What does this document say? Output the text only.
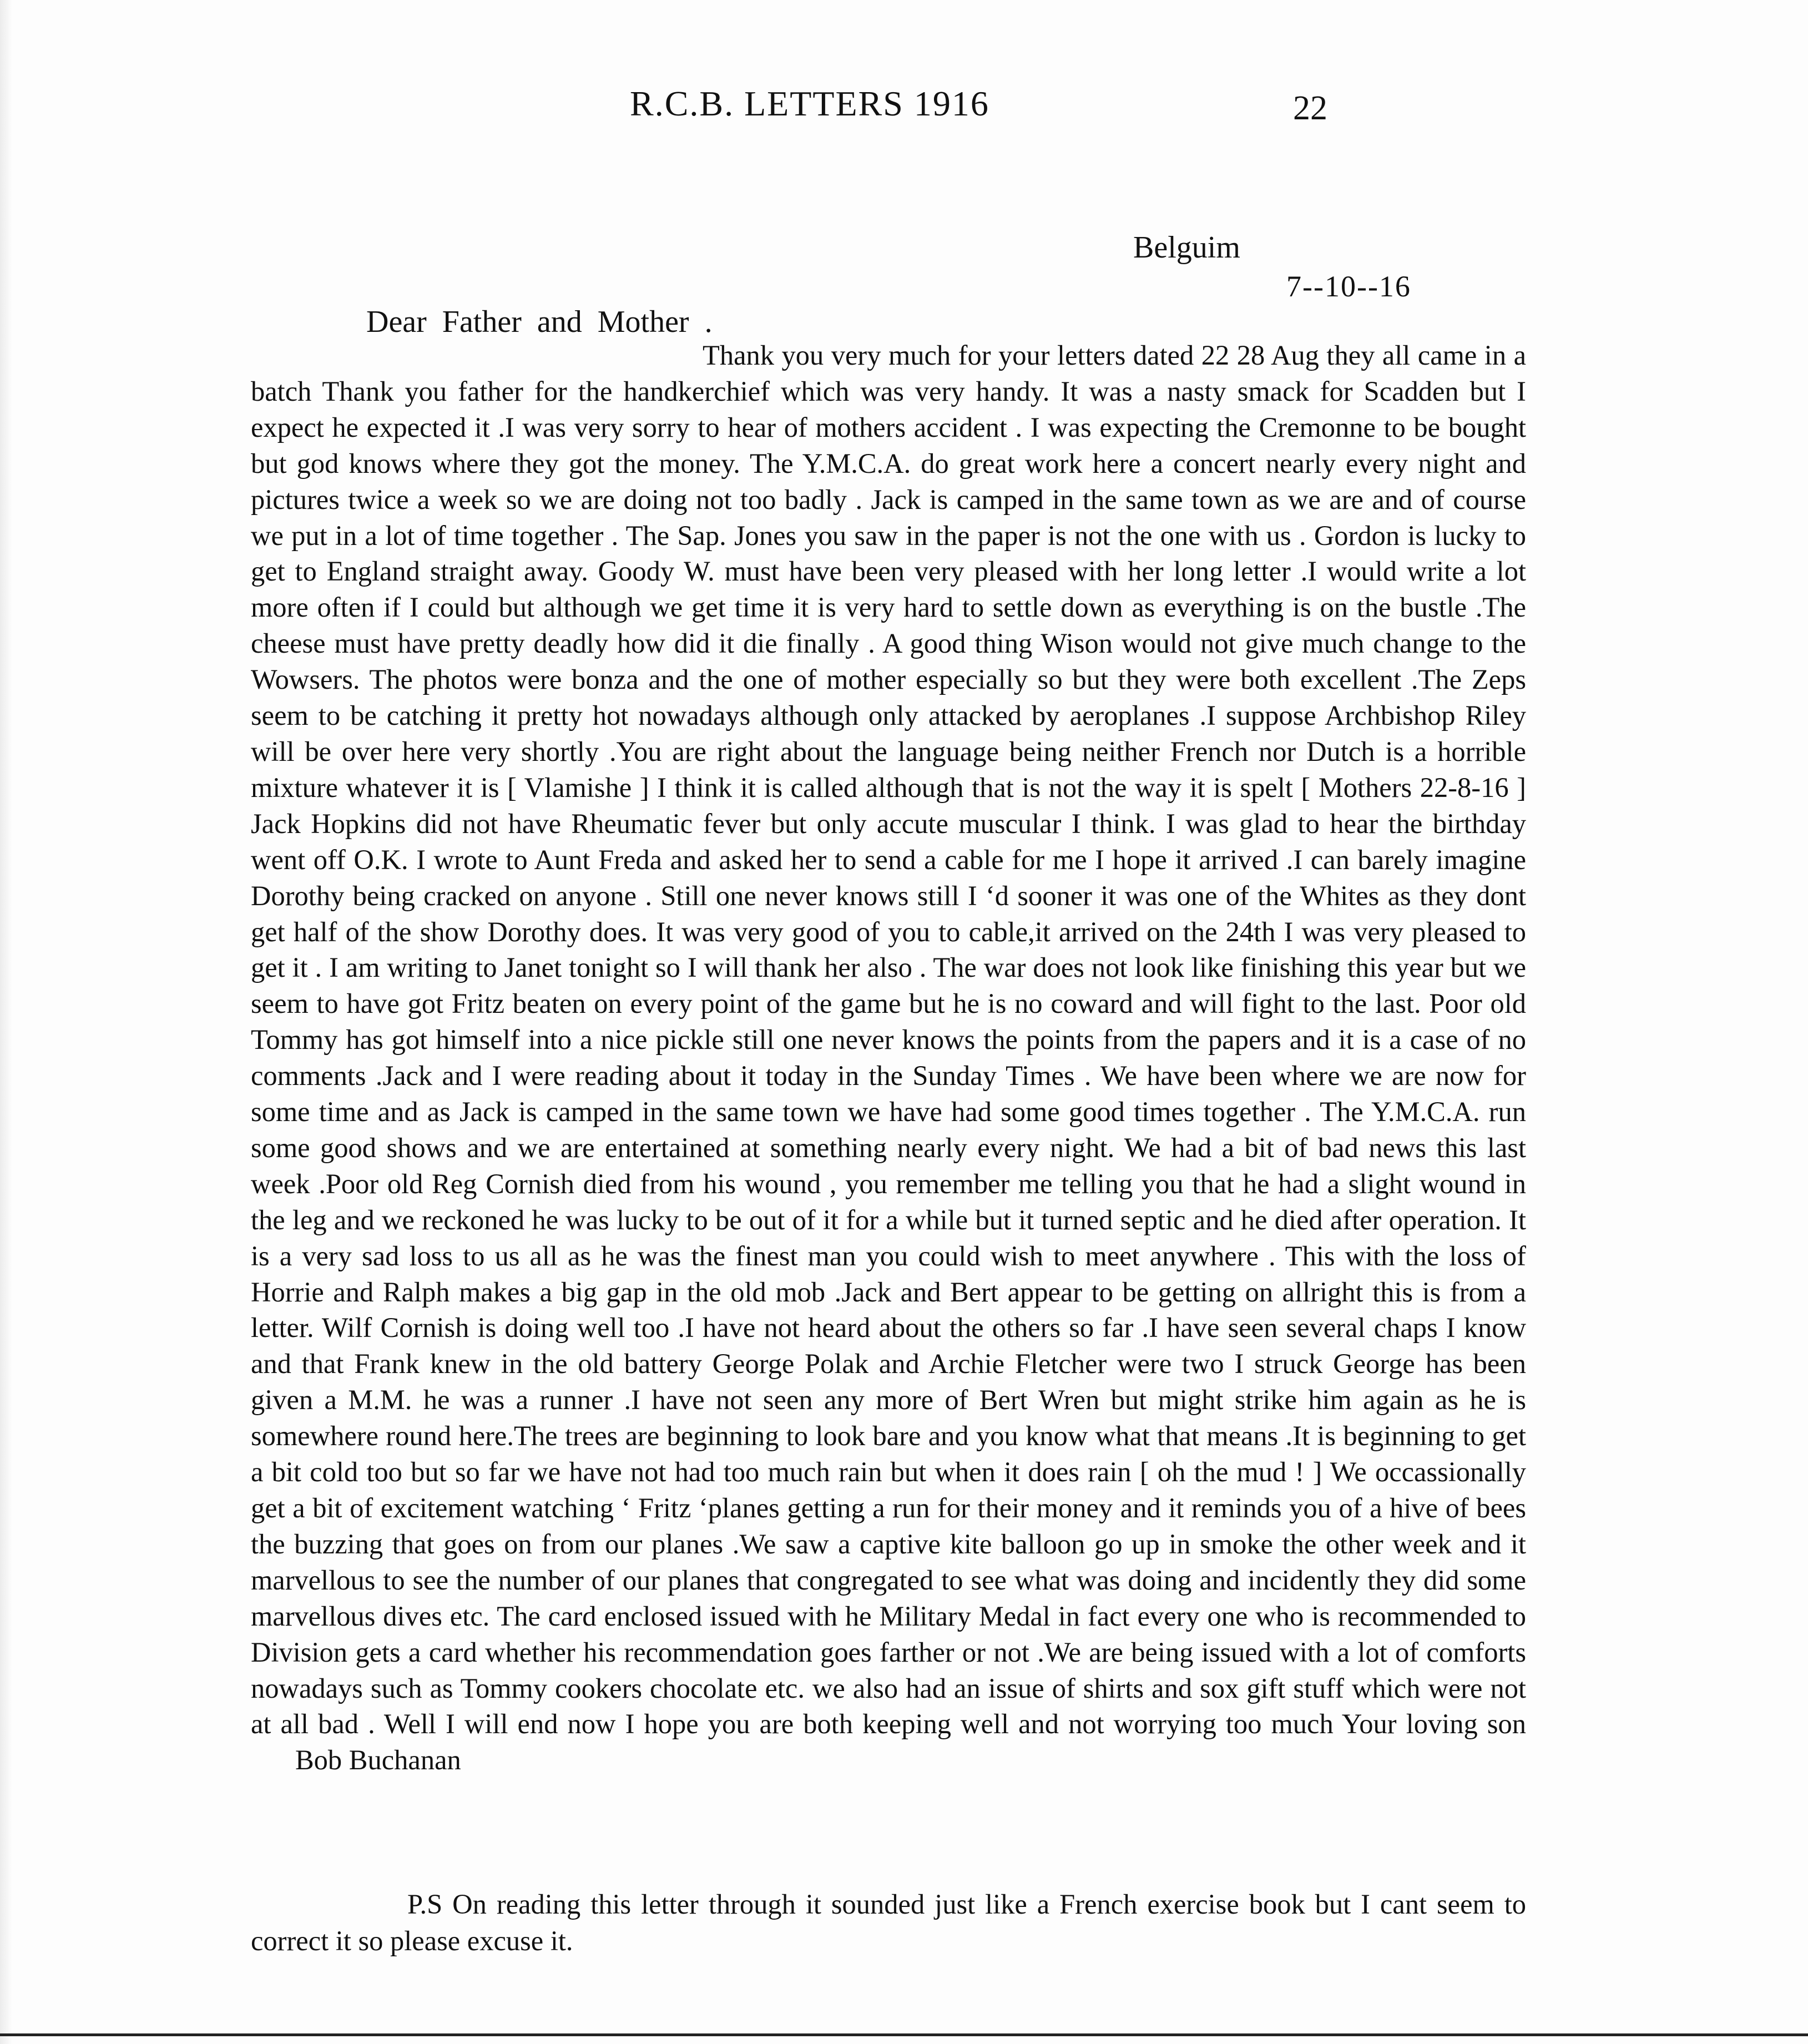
R.C.B. LETTERS 1916	22
Belguim
7--10--16
Dear Father and Mother .

Thank you very much for your letters dated 22 28 Aug they all came in a batch Thank you father for the handkerchief which was very handy. It was a nasty smack for Scadden but I expect he expected it .I was very sorry to hear of mothers accident . I was expecting the Cremonne to be bought but god knows where they got the money. The Y.M.C.A. do great work here a concert nearly every night and pictures twice a week so we are doing not too badly . Jack is camped in the same town as we are and of course we put in a lot of time together . The Sap. Jones you saw in the paper is not the one with us . Gordon is lucky to get to England straight away. Goody W. must have been very pleased with her long letter .I would write a lot more often if I could but although we get time it is very hard to settle down as everything is on the bustle .The cheese must have pretty deadly how did it die finally . A good thing Wison would not give much change to the Wowsers. The photos were bonza and the one of mother especially so but they were both excellent .The Zeps seem to be catching it pretty hot nowadays although only attacked by aeroplanes .I suppose Archbishop Riley will be over here very shortly .You are right about the language being neither French nor Dutch is a horrible mixture whatever it is [ Vlamishe ] I think it is called although that is not the way it is spelt [ Mothers 22-8-16 ] Jack Hopkins did not have Rheumatic fever but only accute muscular I think. I was glad to hear the birthday went off O.K. I wrote to Aunt Freda and asked her to send a cable for me I hope it arrived .I can barely imagine Dorothy being cracked on anyone . Still one never knows still I ‘d sooner it was one of the Whites as they dont get half of the show Dorothy does. It was very good of you to cable,it arrived on the 24th I was very pleased to get it . I am writing to Janet tonight so I will thank her also . The war does not look like finishing this year but we seem to have got Fritz beaten on every point of the game but he is no coward and will fight to the last. Poor old Tommy has got himself into a nice pickle still one never knows the points from the papers and it is a case of no comments .Jack and I were reading about it today in the Sunday Times . We have been where we are now for some time and as Jack is camped in the same town we have had some good times together . The Y.M.C.A. run some good shows and we are entertained at something nearly every night. We had a bit of bad news this last week .Poor old Reg Cornish died from his wound , you remember me telling you that he had a slight wound in the leg and we reckoned he was lucky to be out of it for a while but it turned septic and he died after operation. It is a very sad loss to us all as he was the finest man you could wish to meet anywhere . This with the loss of Horrie and Ralph makes a big gap in the old mob .Jack and Bert appear to be getting on allright this is from a letter. Wilf Cornish is doing well too .I have not heard about the others so far .I have seen several chaps I know and that Frank knew in the old battery George Polak and Archie Fletcher were two I struck George has been given a M.M. he was a runner .I have not seen any more of Bert Wren but might strike him again as he is somewhere round here.The trees are beginning to look bare and you know what that means .It is beginning to get a bit cold too but so far we have not had too much rain but when it does rain [ oh the mud ! ] We occassionally get a bit of excitement watching ‘ Fritz ‘planes getting a run for their money and it reminds you of a hive of bees the buzzing that goes on from our planes .We saw a captive kite balloon go up in smoke the other week and it marvellous to see the number of our planes that congregated to see what was doing and incidently they did some marvellous dives etc. The card enclosed issued with he Military Medal in fact every one who is recommended to Division gets a card whether his recommendation goes farther or not .We are being issued with a lot of comforts nowadays such as Tommy cookers chocolate etc. we also had an issue of shirts and sox gift stuff which were not at all bad . Well I will end now I hope you are both keeping well and not worrying too much Your loving sonBob Buchanan

P.S On reading this letter through it sounded just like a French exercise book but I cant seem to correct it so please excuse it.
